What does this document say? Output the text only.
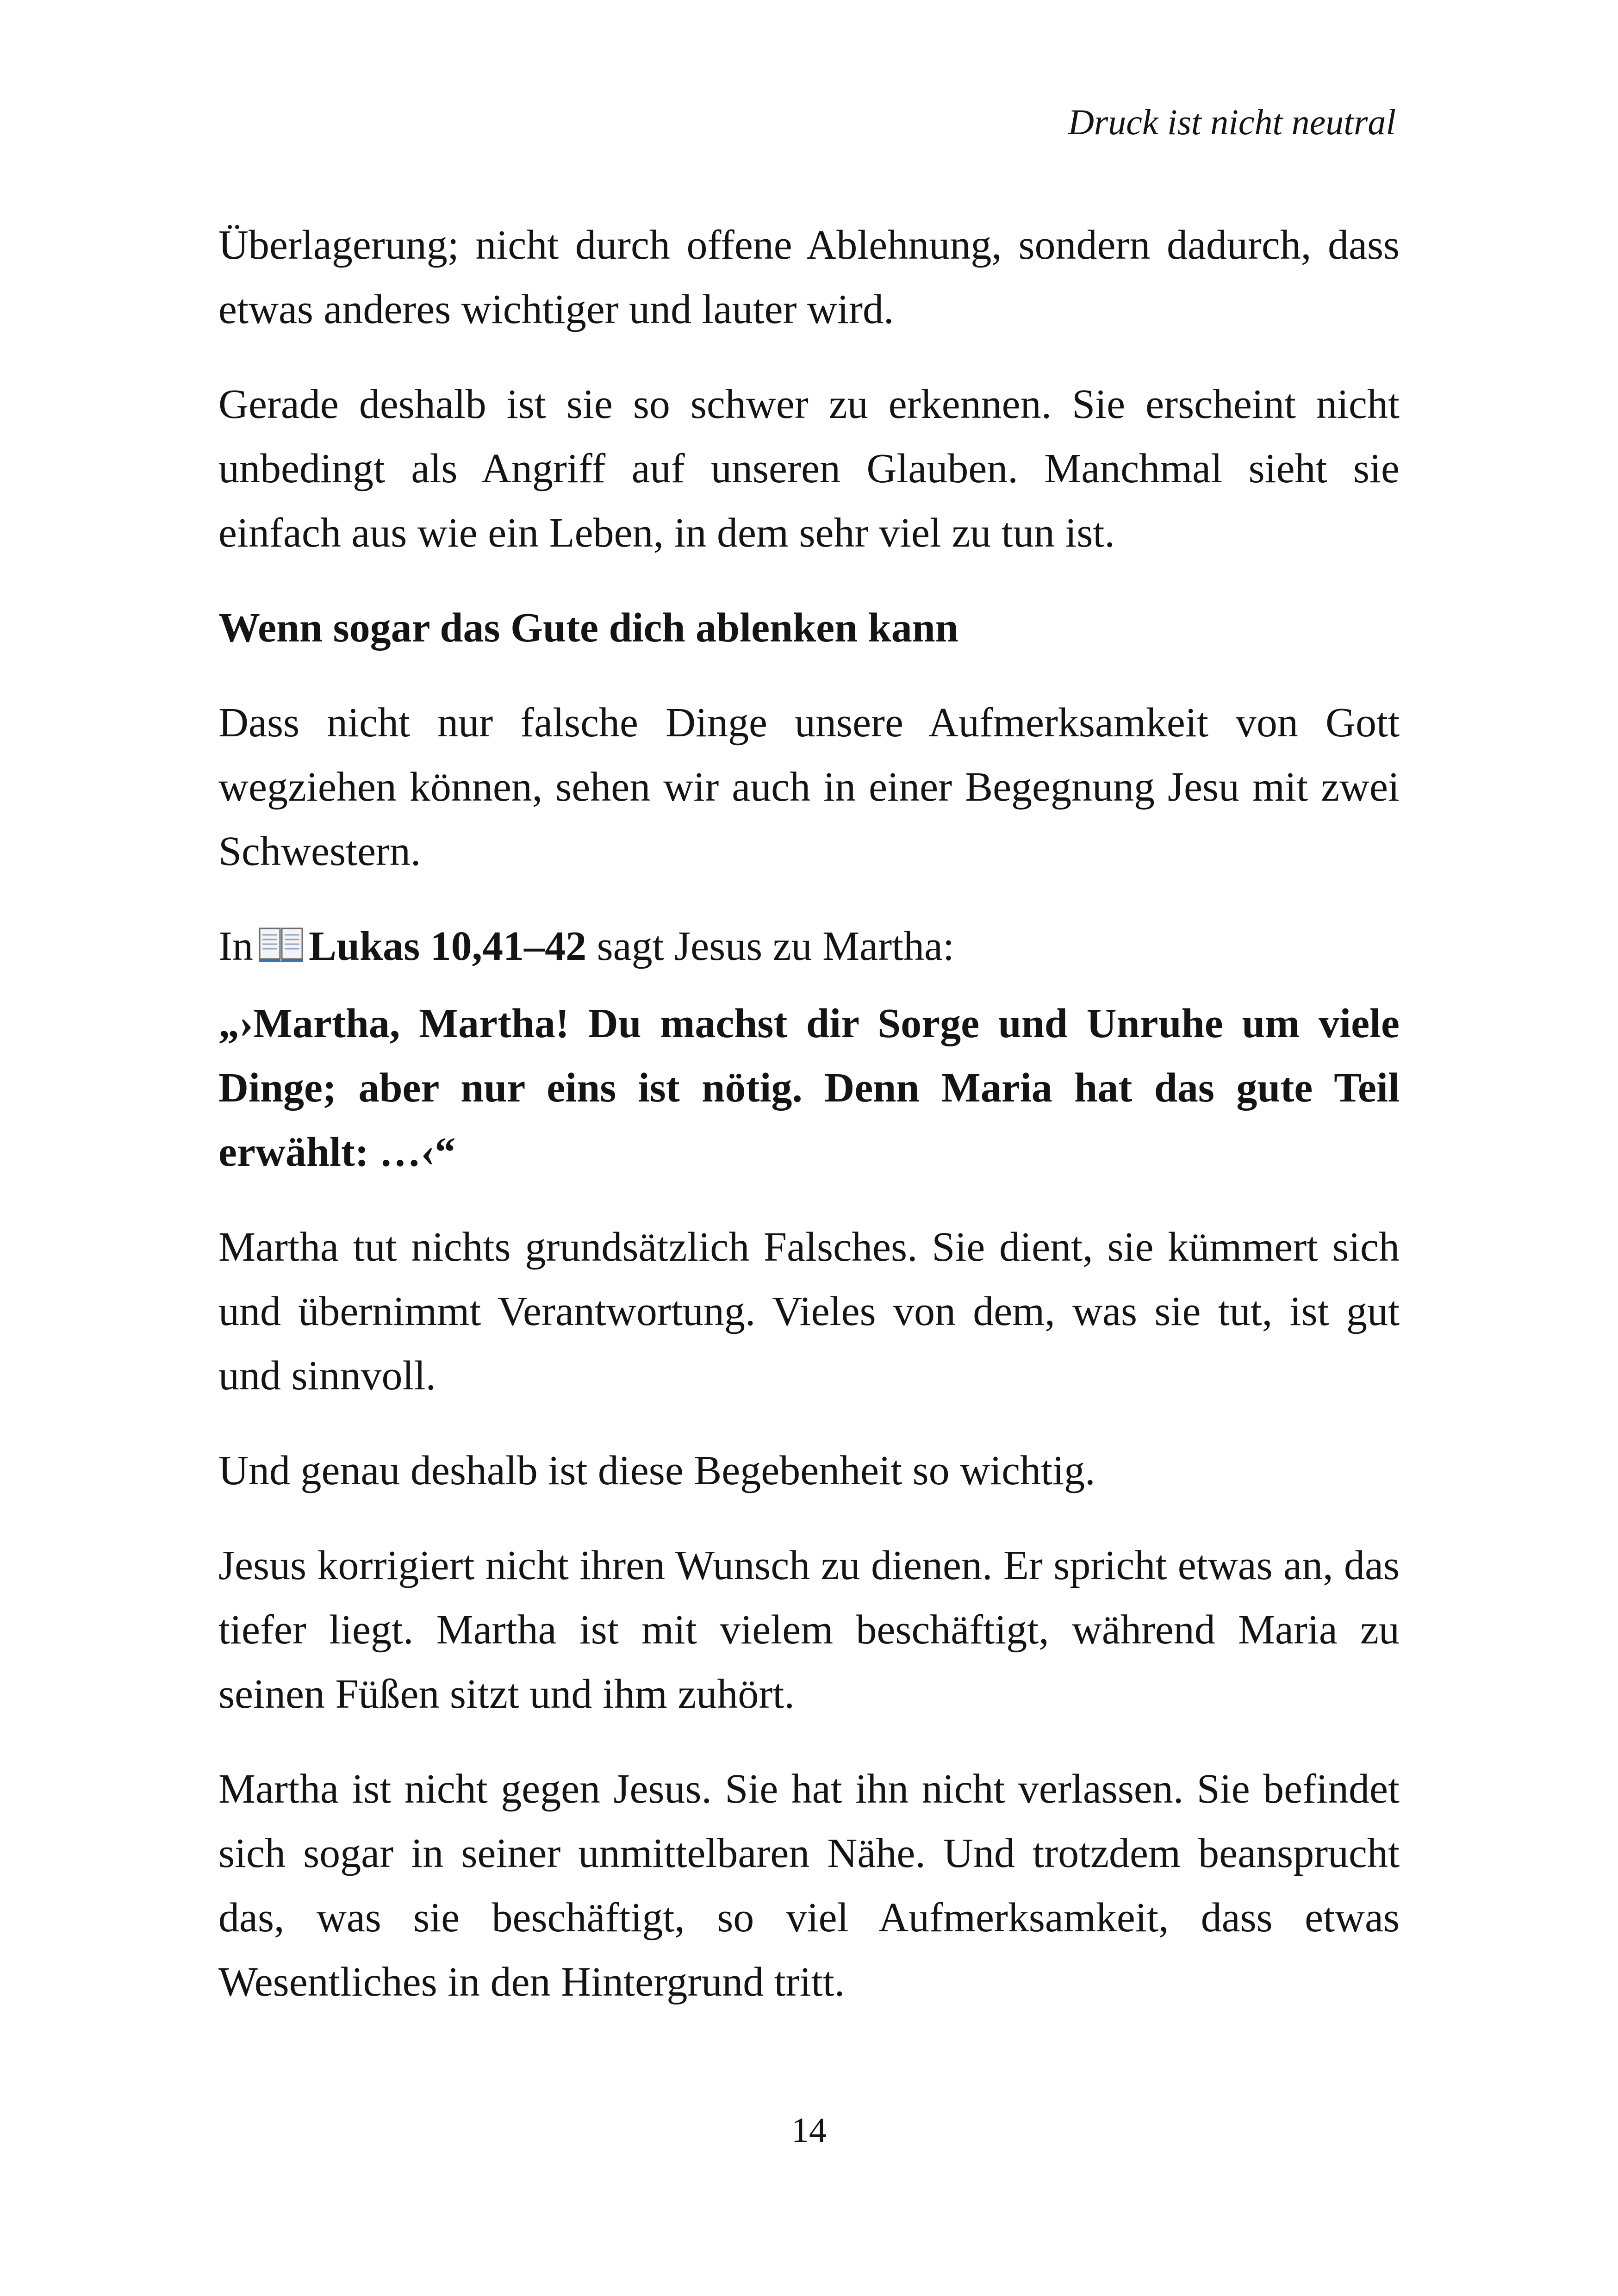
Druck ist nicht neutral

Überlagerung; nicht durch offene Ablehnung, sondern dadurch, dass etwas anderes wichtiger und lauter wird.

Gerade deshalb ist sie so schwer zu erkennen. Sie erscheint nicht unbedingt als Angriff auf unseren Glauben. Manchmal sieht sie einfach aus wie ein Leben, in dem sehr viel zu tun ist.

Wenn sogar das Gute dich ablenken kann

Dass nicht nur falsche Dinge unsere Aufmerksamkeit von Gott wegziehen können, sehen wir auch in einer Begegnung Jesu mit zwei Schwestern.

In Lukas 10,41–42 sagt Jesus zu Martha:

„›Martha, Martha! Du machst dir Sorge und Unruhe um viele Dinge; aber nur eins ist nötig. Denn Maria hat das gute Teil erwählt: …‹“

Martha tut nichts grundsätzlich Falsches. Sie dient, sie kümmert sich und übernimmt Verantwortung. Vieles von dem, was sie tut, ist gut und sinnvoll.

Und genau deshalb ist diese Begebenheit so wichtig.

Jesus korrigiert nicht ihren Wunsch zu dienen. Er spricht etwas an, das tiefer liegt. Martha ist mit vielem beschäftigt, während Maria zu seinen Füßen sitzt und ihm zuhört.

Martha ist nicht gegen Jesus. Sie hat ihn nicht verlassen. Sie befindet sich sogar in seiner unmittelbaren Nähe. Und trotzdem beansprucht das, was sie beschäftigt, so viel Aufmerksamkeit, dass etwas Wesentliches in den Hintergrund tritt.

14
